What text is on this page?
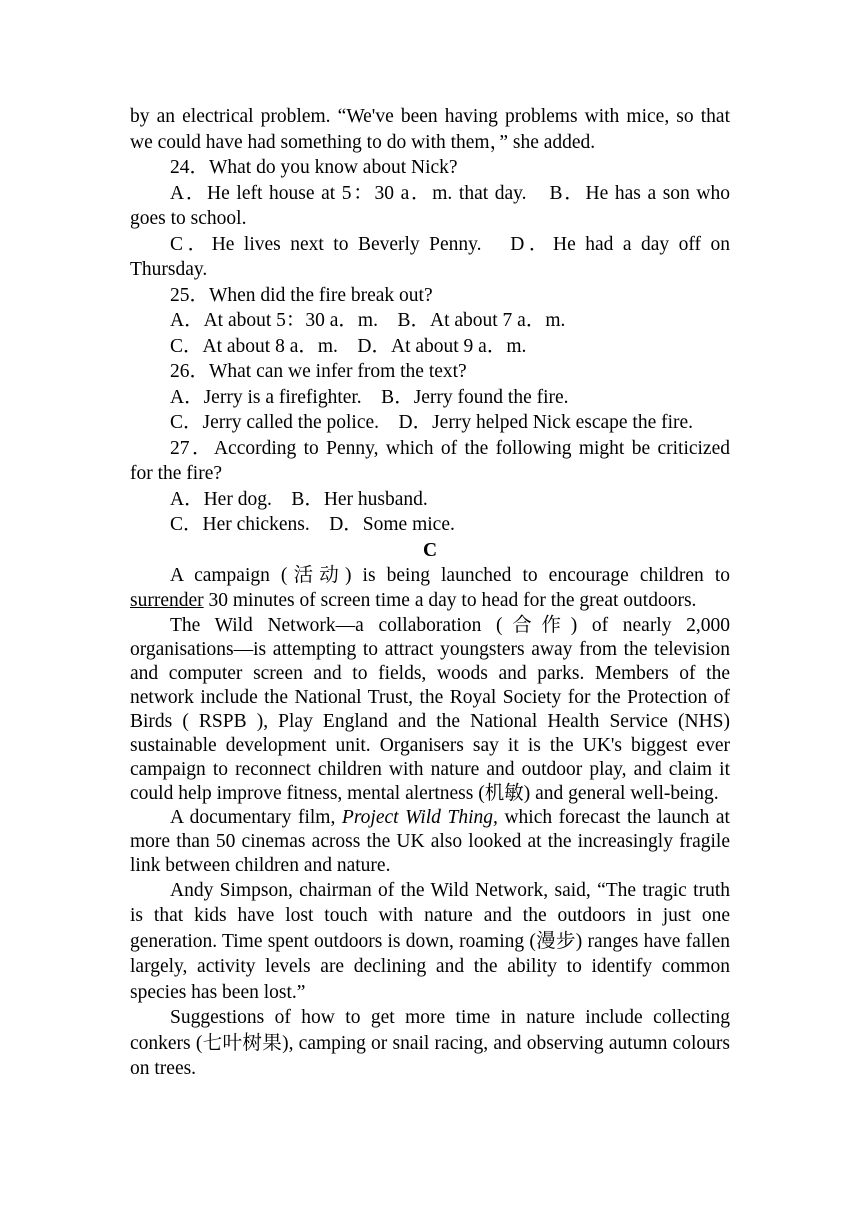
by an electrical problem. “We've been having problems with mice, so that we could have had something to do with them，” she added.

24．What do you know about Nick?

A．He left house at 5：30 a．m. that day.　B．He has a son who goes to school.

C．He lives next to Beverly Penny.　D．He had a day off on Thursday.

25．When did the fire break out?

A．At about 5：30 a．m.　B．At about 7 a．m.

C．At about 8 a．m.　D．At about 9 a．m.

26．What can we infer from the text?

A．Jerry is a firefighter.　B．Jerry found the fire.

C．Jerry called the police.　D．Jerry helped Nick escape the fire.

27．According to Penny, which of the following might be criticized for the fire?

A．Her dog.　B．Her husband.

C．Her chickens.　D．Some mice.

C

A campaign (活动) is being launched to encourage children to surrender 30 minutes of screen time a day to head for the great outdoors.

The Wild Network—a collaboration (合作) of nearly 2,000 organisations—is attempting to attract youngsters away from the television and computer screen and to fields, woods and parks. Members of the network include the National Trust, the Royal Society for the Protection of Birds ( RSPB ), Play England and the National Health Service (NHS) sustainable development unit. Organisers say it is the UK's biggest ever campaign to reconnect children with nature and outdoor play, and claim it could help improve fitness, mental alertness (机敏) and general well-being.

A documentary film, Project Wild Thing, which forecast the launch at more than 50 cinemas across the UK also looked at the increasingly fragile link between children and nature.

Andy Simpson, chairman of the Wild Network, said, “The tragic truth is that kids have lost touch with nature and the outdoors in just one generation. Time spent outdoors is down, roaming (漫步) ranges have fallen largely, activity levels are declining and the ability to identify common species has been lost.”

Suggestions of how to get more time in nature include collecting conkers (七叶树果), camping or snail racing, and observing autumn colours on trees.
